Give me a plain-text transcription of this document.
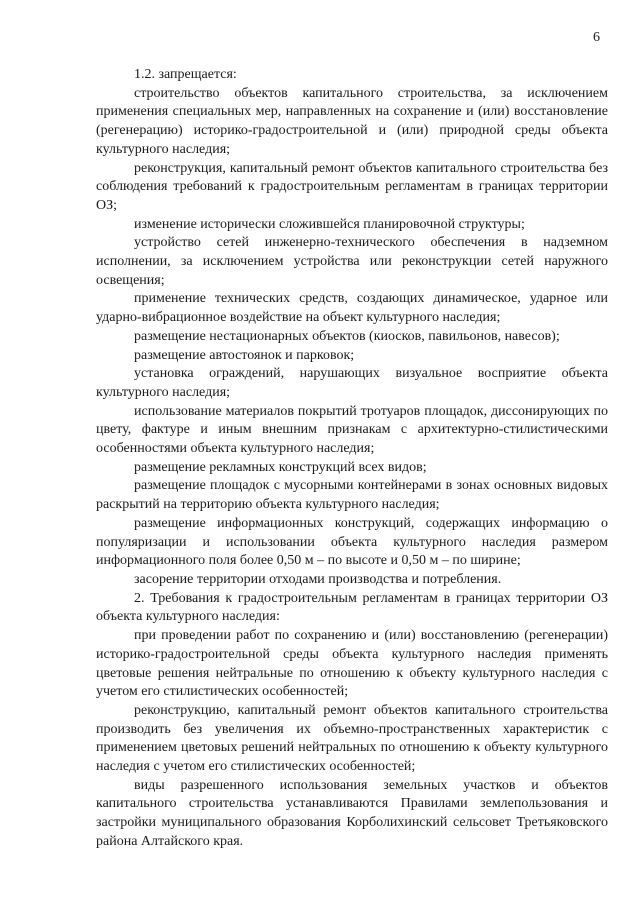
6

1.2. запрещается:

строительство объектов капитального строительства, за исключением применения специальных мер, направленных на сохранение и (или) восстановление (регенерацию) историко-градостроительной и (или) природной среды объекта культурного наследия;

реконструкция, капитальный ремонт объектов капитального строительства без соблюдения требований к градостроительным регламентам в границах территории ОЗ;

изменение исторически сложившейся планировочной структуры;

устройство сетей инженерно-технического обеспечения в надземном исполнении, за исключением устройства или реконструкции сетей наружного освещения;

применение технических средств, создающих динамическое, ударное или ударно-вибрационное воздействие на объект культурного наследия;

размещение нестационарных объектов (киосков, павильонов, навесов);

размещение автостоянок и парковок;

установка ограждений, нарушающих визуальное восприятие объекта культурного наследия;

использование материалов покрытий тротуаров площадок, диссонирующих по цвету, фактуре и иным внешним признакам с архитектурно-стилистическими особенностями объекта культурного наследия;

размещение рекламных конструкций всех видов;

размещение площадок с мусорными контейнерами в зонах основных видовых раскрытий на территорию объекта культурного наследия;

размещение информационных конструкций, содержащих информацию о популяризации и использовании объекта культурного наследия размером информационного поля более 0,50 м – по высоте и 0,50 м – по ширине;

засорение территории отходами производства и потребления.

2. Требования к градостроительным регламентам в границах территории ОЗ объекта культурного наследия:

при проведении работ по сохранению и (или) восстановлению (регенерации) историко-градостроительной среды объекта культурного наследия применять цветовые решения нейтральные по отношению к объекту культурного наследия с учетом его стилистических особенностей;

реконструкцию, капитальный ремонт объектов капитального строительства производить без увеличения их объемно-пространственных характеристик с применением цветовых решений нейтральных по отношению к объекту культурного наследия с учетом его стилистических особенностей;

виды разрешенного использования земельных участков и объектов капитального строительства устанавливаются Правилами землепользования и застройки муниципального образования Корболихинский сельсовет Третьяковского района Алтайского края.
